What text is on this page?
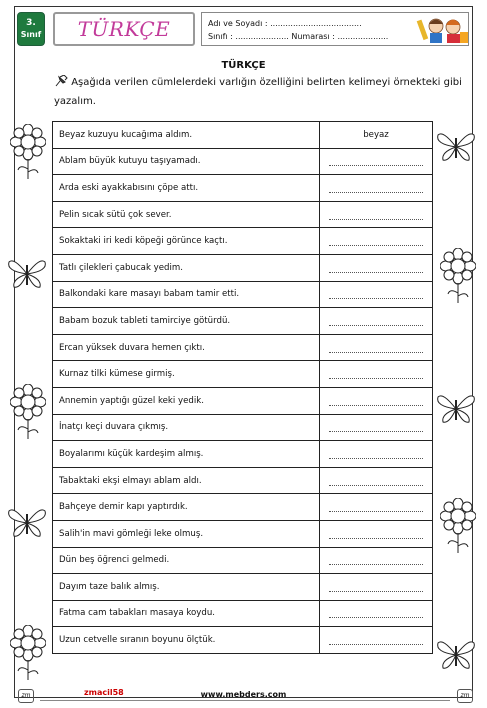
3.
Sınıf	TÜRKÇE	Adı ve Soyadı : ....................................
Sınıfı : ..................... Numarası : ....................
TÜRKÇE
Aşağıda verilen cümlelerdeki varlığın özelliğini belirten kelimeyi örnekteki gibi
yazalım.
Beyaz kuzuyu kucağıma aldım.	beyaz
Ablam büyük kutuyu taşıyamadı.	
Arda eski ayakkabısını çöpe attı.	
Pelin sıcak sütü çok sever.	
Sokaktaki iri kedi köpeği görünce kaçtı.	
Tatlı çilekleri çabucak yedim.	
Balkondaki kare masayı babam tamir etti.	
Babam bozuk tableti tamirciye götürdü.	
Ercan yüksek duvara hemen çıktı.	
Kurnaz tilki kümese girmiş.	
Annemin yaptığı güzel keki yedik.	
İnatçı keçi duvara çıkmış.	
Boyalarımı küçük kardeşim almış.	
Tabaktaki ekşi elmayı ablam aldı.	
Bahçeye demir kapı yaptırdık.	
Salih'in mavi gömleği leke olmuş.	
Dün beş öğrenci gelmedi.	
Dayım taze balık almış.	
Fatma cam tabakları masaya koydu.	
Uzun cetvelle sıranın boyunu ölçtük.	
zm	zmacil58	www.mebders.com	zm
